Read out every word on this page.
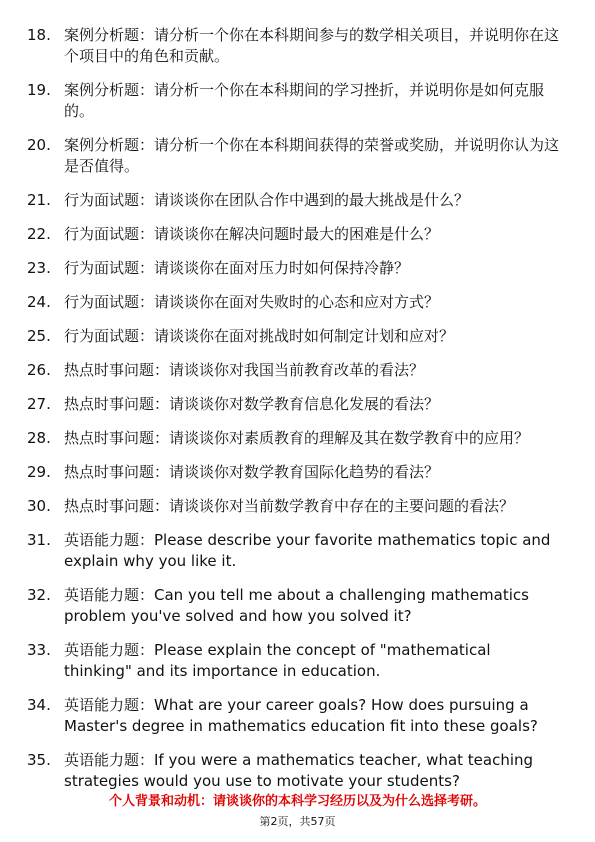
18. 案例分析题：请分析一个你在本科期间参与的数学相关项目，并说明你在这个项目中的角色和贡献。
19. 案例分析题：请分析一个你在本科期间的学习挫折，并说明你是如何克服的。
20. 案例分析题：请分析一个你在本科期间获得的荣誉或奖励，并说明你认为这是否值得。
21. 行为面试题：请谈谈你在团队合作中遇到的最大挑战是什么？
22. 行为面试题：请谈谈你在解决问题时最大的困难是什么？
23. 行为面试题：请谈谈你在面对压力时如何保持冷静？
24. 行为面试题：请谈谈你在面对失败时的心态和应对方式？
25. 行为面试题：请谈谈你在面对挑战时如何制定计划和应对？
26. 热点时事问题：请谈谈你对我国当前教育改革的看法？
27. 热点时事问题：请谈谈你对数学教育信息化发展的看法？
28. 热点时事问题：请谈谈你对素质教育的理解及其在数学教育中的应用？
29. 热点时事问题：请谈谈你对数学教育国际化趋势的看法？
30. 热点时事问题：请谈谈你对当前数学教育中存在的主要问题的看法？
31. 英语能力题：Please describe your favorite mathematics topic and explain why you like it.
32. 英语能力题：Can you tell me about a challenging mathematics problem you've solved and how you solved it?
33. 英语能力题：Please explain the concept of "mathematical thinking" and its importance in education.
34. 英语能力题：What are your career goals? How does pursuing a Master's degree in mathematics education fit into these goals?
35. 英语能力题：If you were a mathematics teacher, what teaching strategies would you use to motivate your students?
个人背景和动机：请谈谈你的本科学习经历以及为什么选择考研。
第2页，共57页
